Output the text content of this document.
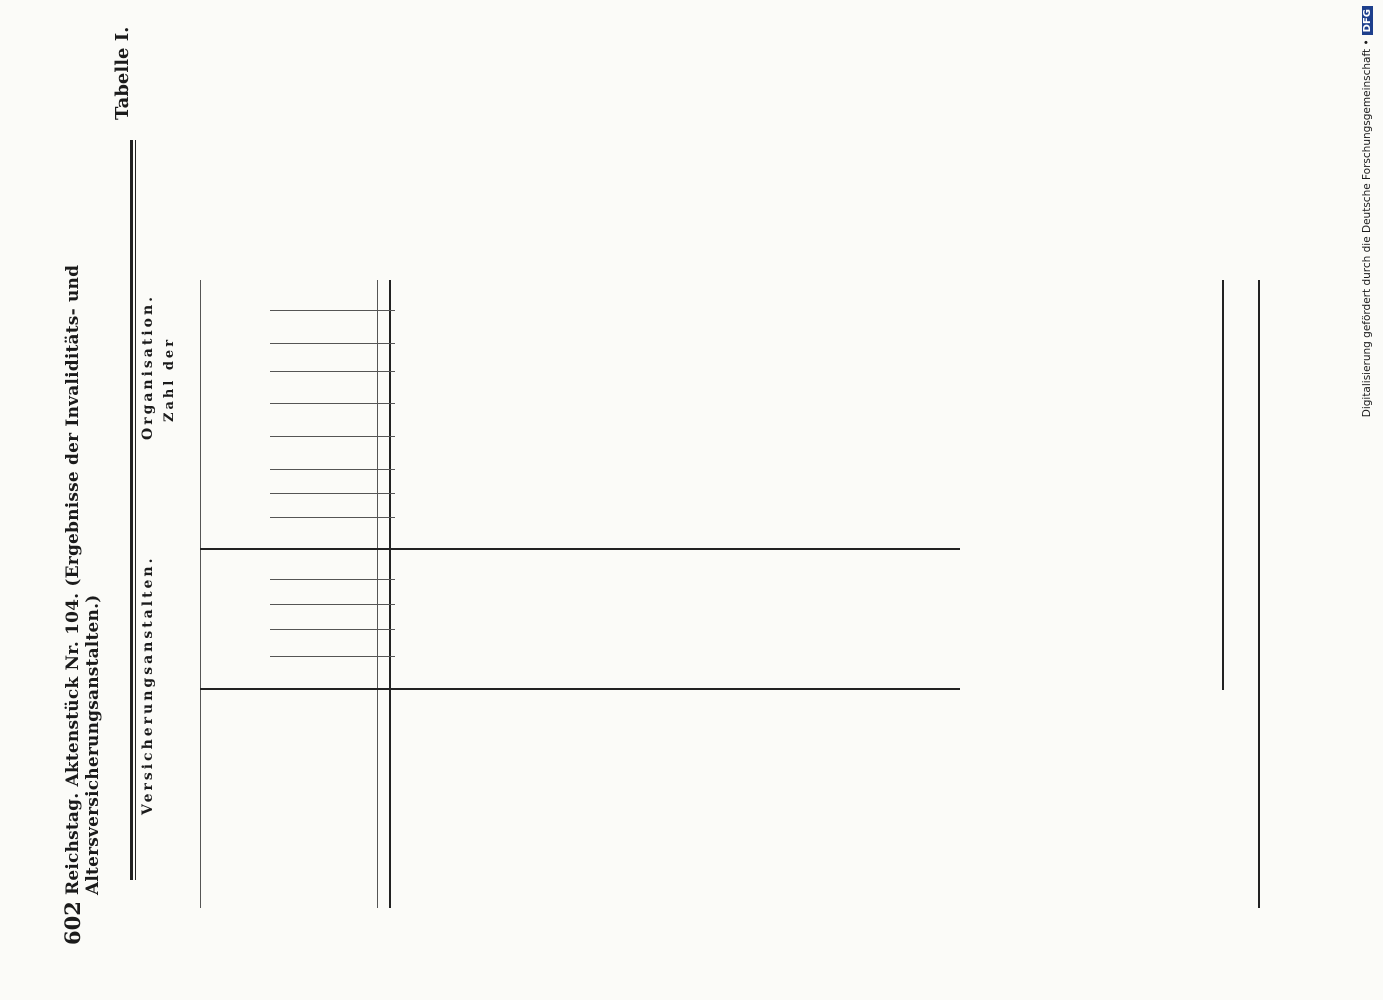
602
Reichstag. Aktenstück Nr. 104. (Ergebnisse der Invaliditäts- und Altersversicherungsanstalten.)
Tabelle I.
Versicherungsanstalten.
Organisation. Zahl der	Digitalisierung gefördert durch die Deutsche Forschungsgemeinschaft •DFG
